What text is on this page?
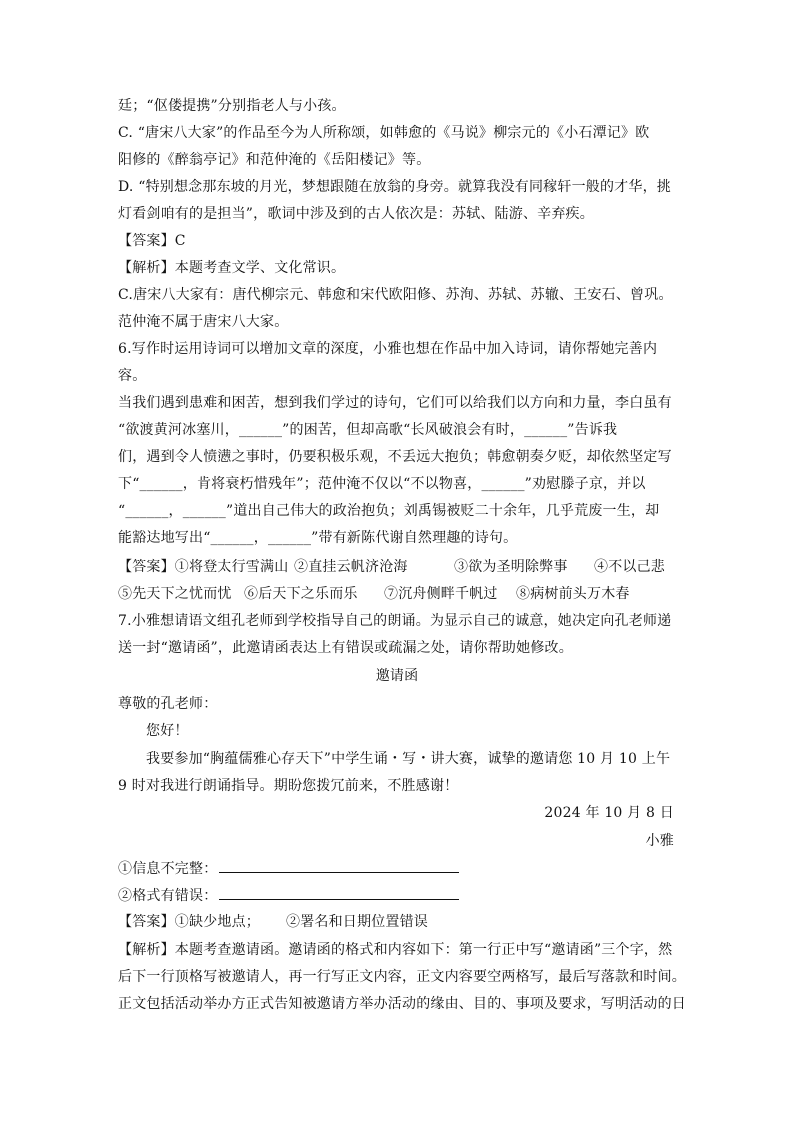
廷；“伛偻提携”分别指老人与小孩。
C. “唐宋八大家”的作品至今为人所称颂，如韩愈的《马说》柳宗元的《小石潭记》欧
阳修的《醉翁亭记》和范仲淹的《岳阳楼记》等。
D. “特别想念那东坡的月光，梦想跟随在放翁的身旁。就算我没有同稼轩一般的才华，挑
灯看剑咱有的是担当”，歌词中涉及到的古人依次是：苏轼、陆游、辛弃疾。
【答案】C
【解析】本题考查文学、文化常识。
C.唐宋八大家有：唐代柳宗元、韩愈和宋代欧阳修、苏洵、苏轼、苏辙、王安石、曾巩。
范仲淹不属于唐宋八大家。
6.写作时运用诗词可以增加文章的深度，小雅也想在作品中加入诗词，请你帮她完善内
容。
当我们遇到患难和困苦，想到我们学过的诗句，它们可以给我们以方向和力量，李白虽有
“欲渡黄河冰塞川，______”的困苦，但却高歌“长风破浪会有时，______”告诉我
们，遇到令人愤懑之事时，仍要积极乐观，不丢远大抱负；韩愈朝奏夕贬，却依然坚定写
下“______，肯将衰朽惜残年”；范仲淹不仅以“不以物喜，______”劝慰滕子京，并以
“______，______”道出自己伟大的政治抱负；刘禹锡被贬二十余年，几乎荒废一生，却
能豁达地写出“______，______”带有新陈代谢自然理趣的诗句。
【答案】①将登太行雪满山 ②直挂云帆济沧海	③欲为圣明除弊事 ④不以己悲
⑤先天下之忧而忧 ⑥后天下之乐而乐 ⑦沉舟侧畔千帆过 ⑧病树前头万木春
7.小雅想请语文组孔老师到学校指导自己的朗诵。为显示自己的诚意，她决定向孔老师递
送一封“邀请函”，此邀请函表达上有错误或疏漏之处，请你帮助她修改。
邀请函
尊敬的孔老师：
您好！
我要参加“胸蕴儒雅心存天下”中学生诵・写・讲大赛，诚挚的邀请您 10 月 10 上午
9 时对我进行朗诵指导。期盼您拨冗前来，不胜感谢！
2024 年 10 月 8 日
小雅
①信息不完整：
②格式有错误：
【答案】①缺少地点； ②署名和日期位置错误
【解析】本题考查邀请函。邀请函的格式和内容如下：第一行正中写“邀请函”三个字，然
后下一行顶格写被邀请人，再一行写正文内容，正文内容要空两格写，最后写落款和时间。
正文包括活动举办方正式告知被邀请方举办活动的缘由、目的、事项及要求，写明活动的日
